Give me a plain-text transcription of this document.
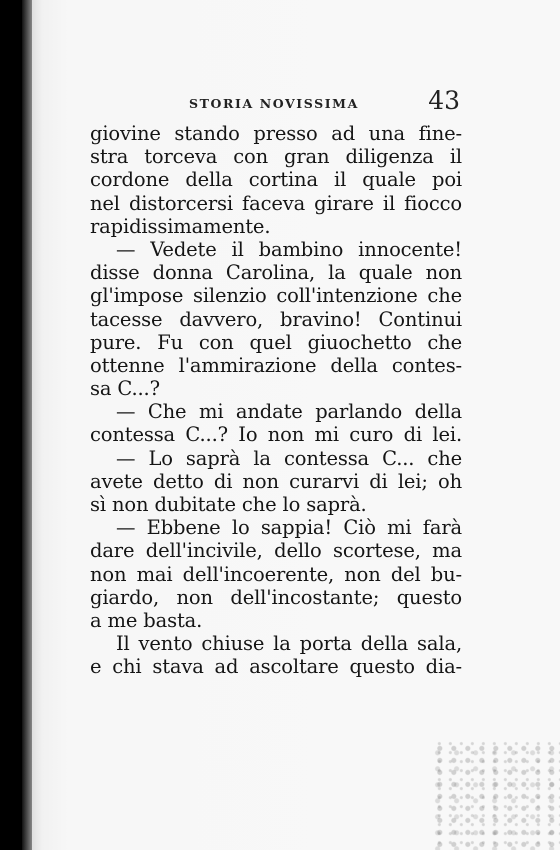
STORIA NOVISSIMA	43
giovine stando presso ad una fine-
stra torceva con gran diligenza il
cordone della cortina il quale poi
nel distorcersi faceva girare il fiocco
rapidissimamente.
— Vedete il bambino innocente!
disse donna Carolina, la quale non
gl'impose silenzio coll'intenzione che
tacesse davvero, bravino! Continui
pure. Fu con quel giuochetto che
ottenne l'ammirazione della contes-
sa C...?
— Che mi andate parlando della
contessa C...? Io non mi curo di lei.
— Lo saprà la contessa C... che
avete detto di non curarvi di lei; oh
sì non dubitate che lo saprà.
— Ebbene lo sappia! Ciò mi farà
dare dell'incivile, dello scortese, ma
non mai dell'incoerente, non del bu-
giardo, non dell'incostante; questo
a me basta.
Il vento chiuse la porta della sala,
e chi stava ad ascoltare questo dia-
